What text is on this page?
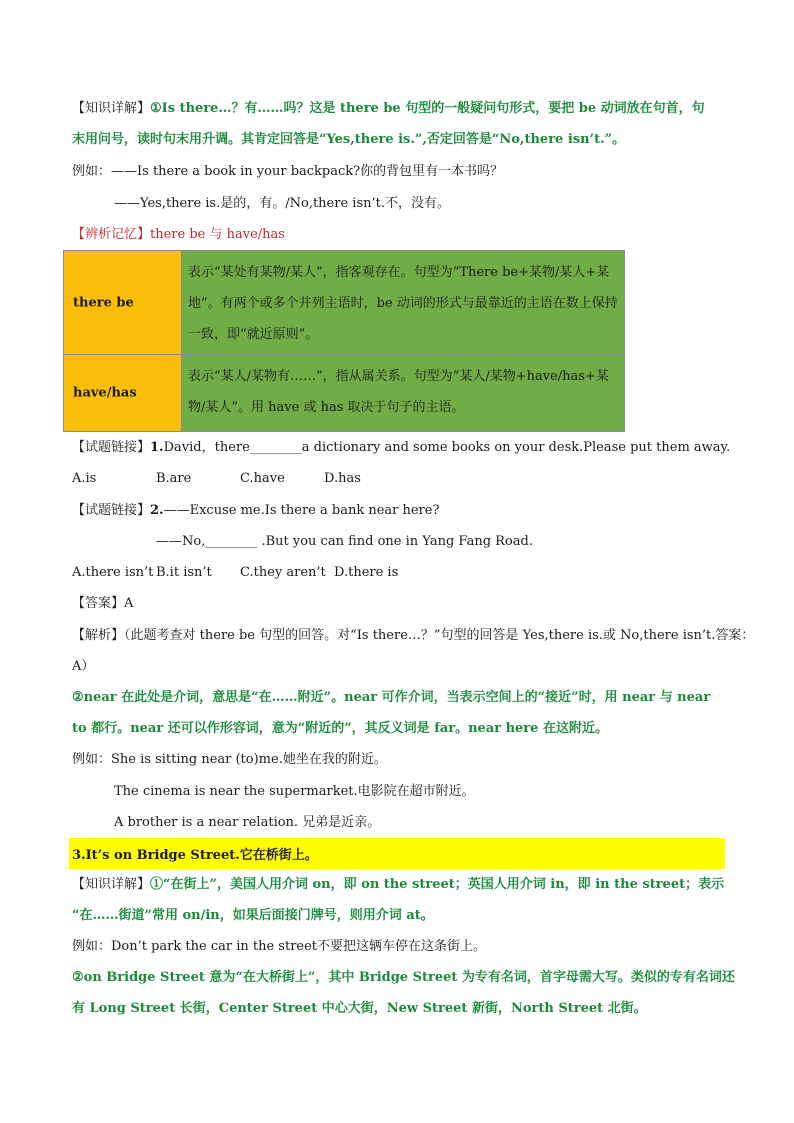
【知识详解】①Is there…？有……吗？这是 there be 句型的一般疑问句形式，要把 be 动词放在句首，句
末用问号，读时句末用升调。其肯定回答是“Yes,there is.”,否定回答是“No,there isn’t.”。
例如：——Is there a book in your backpack?你的背包里有一本书吗？
——Yes,there is.是的，有。/No,there isn’t.不，没有。
【辨析记忆】there be 与 have/has
there be
表示“某处有某物/某人”，指客观存在。句型为“There be+某物/某人+某地”。有两个或多个并列主语时，be 动词的形式与最靠近的主语在数上保持一致，即“就近原则”。
have/has
表示“某人/某物有……”，指从属关系。句型为“某人/某物+have/has+某物/某人”。用 have 或 has 取决于句子的主语。
【试题链接】1.David，there________a dictionary and some books on your desk.Please put them away.
A.is	B.are	C.have	D.has
【试题链接】2.——Excuse me.Is there a bank near here?
——No,________ .But you can find one in Yang Fang Road.
A.there isn’t B.it isn’t C.they aren’t D.there is
【答案】A
【解析】（此题考查对 there be 句型的回答。对“Is there…？”句型的回答是 Yes,there is.或 No,there isn’t.答案：
A）
②near 在此处是介词，意思是“在……附近”。near 可作介词，当表示空间上的“接近”时，用 near 与 near
to 都行。near 还可以作形容词，意为“附近的”，其反义词是 far。near here 在这附近。
例如：She is sitting near (to)me.她坐在我的附近。
The cinema is near the supermarket.电影院在超市附近。
A brother is a near relation. 兄弟是近亲。
3.It’s on Bridge Street.它在桥街上。
【知识详解】①“在街上”，美国人用介词 on，即 on the street；英国人用介词 in，即 in the street；表示
“在……街道”常用 on/in，如果后面接门牌号，则用介词 at。
例如：Don’t park the car in the street不要把这辆车停在这条街上。
②on Bridge Street 意为“在大桥街上”，其中 Bridge Street 为专有名词，首字母需大写。类似的专有名词还
有 Long Street 长街，Center Street 中心大街，New Street 新街，North Street 北街。
